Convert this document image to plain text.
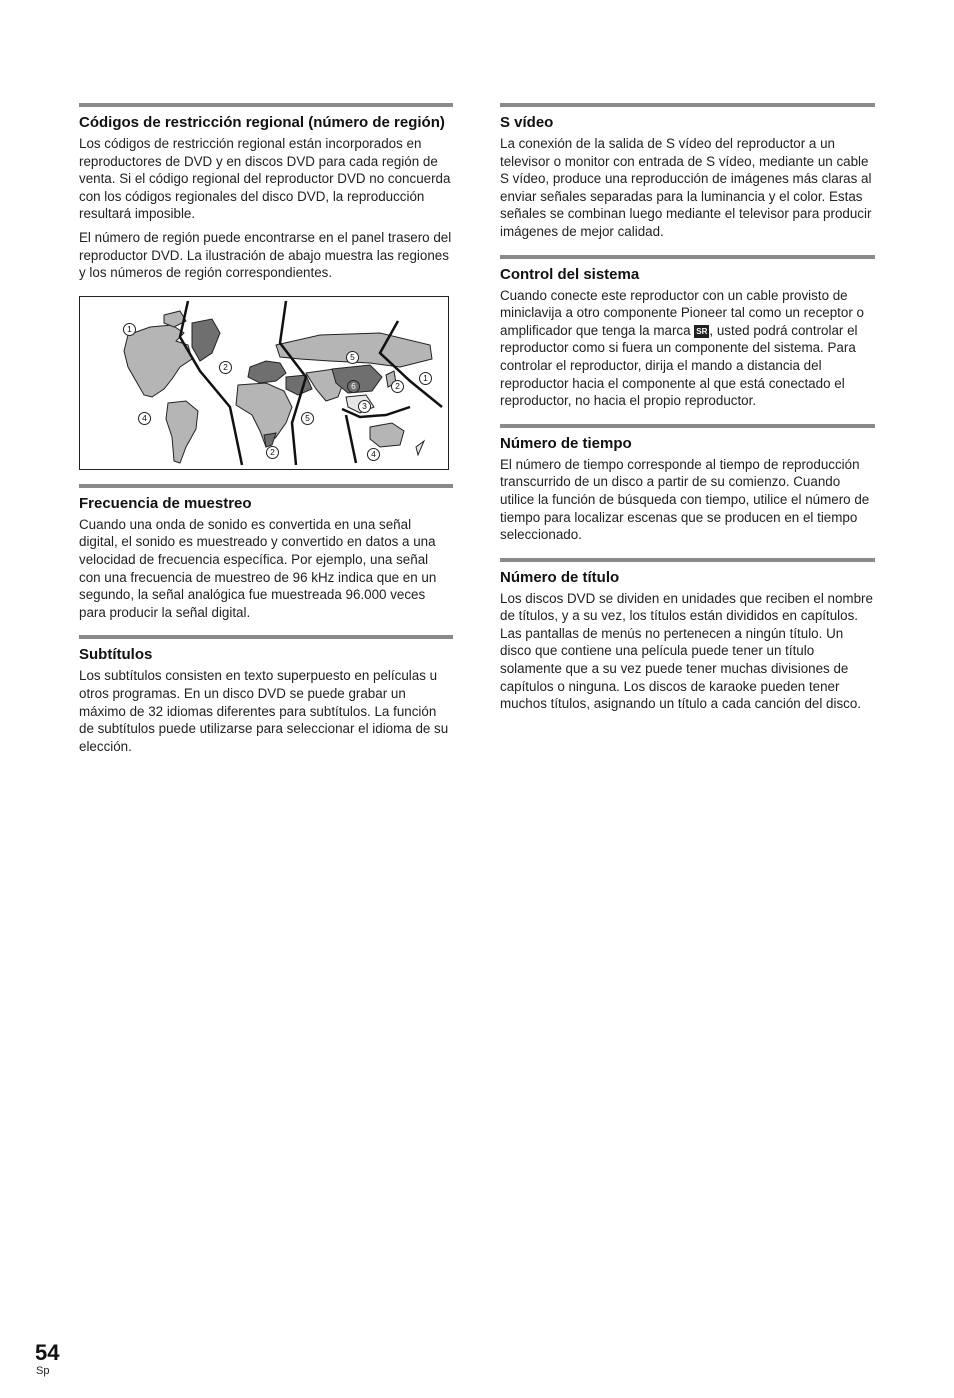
Códigos de restricción regional (número de región)

Los códigos de restricción regional están incorporados en reproductores de DVD y en discos DVD para cada región de venta. Si el código regional del reproductor DVD no concuerda con los códigos regionales del disco DVD, la reproducción resultará imposible.

El número de región puede encontrarse en el panel trasero del reproductor DVD. La ilustración de abajo muestra las regiones y los números de región correspondientes.

1
2
5
6	2
1
4	5
3
2	4
Frecuencia de muestreo

Cuando una onda de sonido es convertida en una señal digital, el sonido es muestreado y convertido en datos a una velocidad de frecuencia específica. Por ejemplo, una señal con una frecuencia de muestreo de 96 kHz indica que en un segundo, la señal analógica fue muestreada 96.000 veces para producir la señal digital.

Subtítulos

Los subtítulos consisten en texto superpuesto en películas u otros programas. En un disco DVD se puede grabar un máximo de 32 idiomas diferentes para subtítulos. La función de subtítulos puede utilizarse para seleccionar el idioma de su elección.

S vídeo

La conexión de la salida de S vídeo del reproductor a un televisor o monitor con entrada de S vídeo, mediante un cable S vídeo, produce una reproducción de imágenes más claras al enviar señales separadas para la luminancia y el color. Estas señales se combinan luego mediante el televisor para producir imágenes de mejor calidad.

Control del sistema

Cuando conecte este reproductor con un cable provisto de miniclavija a otro componente Pioneer tal como un receptor o amplificador que tenga la marca SR , usted podrá controlar el reproductor como si fuera un componente del sistema. Para controlar el reproductor, dirija el mando a distancia del reproductor hacia el componente al que está conectado el reproductor, no hacia el propio reproductor.

Número de tiempo

El número de tiempo corresponde al tiempo de reproducción transcurrido de un disco a partir de su comienzo. Cuando utilice la función de búsqueda con tiempo, utilice el número de tiempo para localizar escenas que se producen en el tiempo seleccionado.

Número de título

Los discos DVD se dividen en unidades que reciben el nombre de títulos, y a su vez, los títulos están divididos en capítulos. Las pantallas de menús no pertenecen a ningún título. Un disco que contiene una película puede tener un título solamente que a su vez puede tener muchas divisiones de capítulos o ninguna. Los discos de karaoke pueden tener muchos títulos, asignando un título a cada canción del disco.

54
Sp
